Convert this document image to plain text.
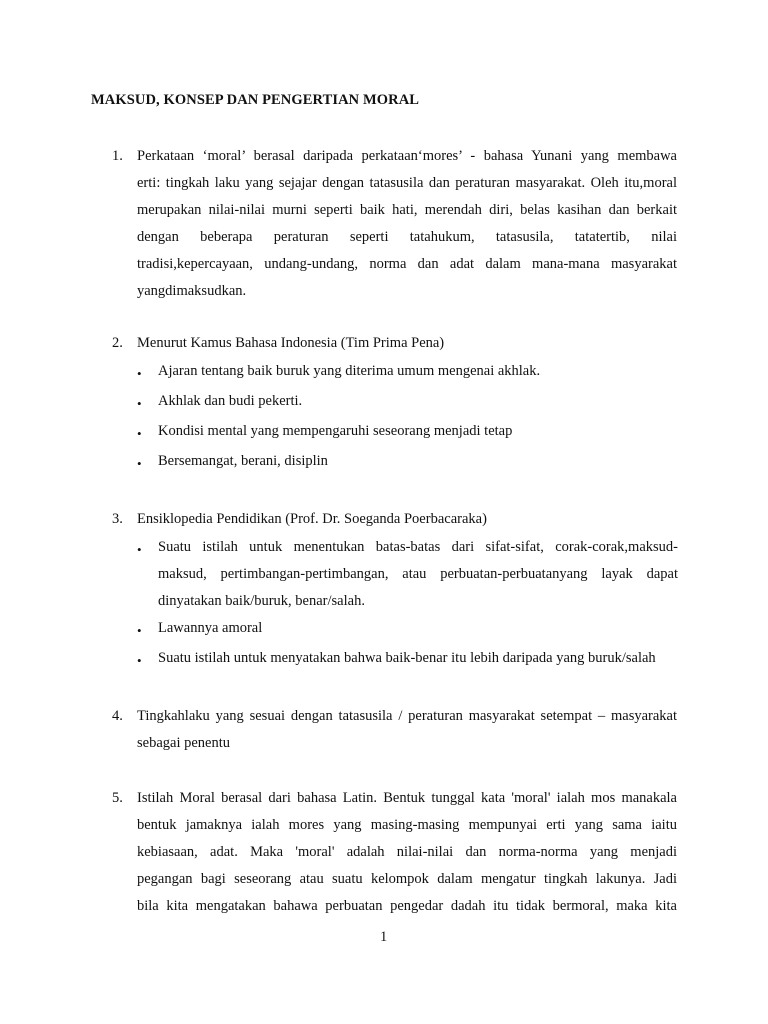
MAKSUD, KONSEP DAN PENGERTIAN MORAL
1. Perkataan ‘moral’ berasal daripada perkataan‘mores’ - bahasa Yunani yang membawa
erti: tingkah laku yang sejajar dengan tatasusila dan peraturan masyarakat. Oleh itu,moral
merupakan nilai-nilai murni seperti baik hati, merendah diri, belas kasihan dan berkait
dengan beberapa peraturan seperti tatahukum, tatasusila, tatatertib, nilai
tradisi,kepercayaan, undang-undang, norma dan adat dalam mana-mana masyarakat
yangdimaksudkan.
2. Menurut Kamus Bahasa Indonesia (Tim Prima Pena)
• Ajaran tentang baik buruk yang diterima umum mengenai akhlak.
• Akhlak dan budi pekerti.
• Kondisi mental yang mempengaruhi seseorang menjadi tetap
• Bersemangat, berani, disiplin
3. Ensiklopedia Pendidikan (Prof. Dr. Soeganda Poerbacaraka)
• Suatu istilah untuk menentukan batas-batas dari sifat-sifat, corak-corak,maksud-
maksud, pertimbangan-pertimbangan, atau perbuatan-perbuatanyang layak dapat
dinyatakan baik/buruk, benar/salah.
• Lawannya amoral
• Suatu istilah untuk menyatakan bahwa baik-benar itu lebih daripada yang buruk/salah
4. Tingkahlaku yang sesuai dengan tatasusila / peraturan masyarakat setempat – masyarakat
sebagai penentu
5. Istilah Moral berasal dari bahasa Latin. Bentuk tunggal kata 'moral' ialah mos manakala
bentuk jamaknya ialah mores yang masing-masing mempunyai erti yang sama iaitu
kebiasaan, adat. Maka 'moral' adalah nilai-nilai dan norma-norma yang menjadi
pegangan bagi seseorang atau suatu kelompok dalam mengatur tingkah lakunya. Jadi
bila kita mengatakan bahawa perbuatan pengedar dadah itu tidak bermoral, maka kita
1
